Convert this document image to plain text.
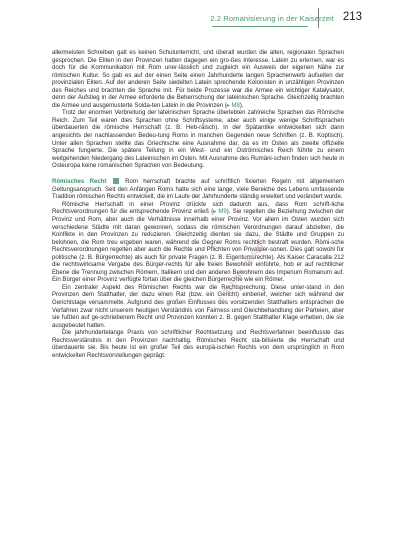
2.2 Romanisierung in der Kaiserzeit 213

allermeisten Schreiben galt es keinen Schulunterricht, und überall wurden die alten, regionalen Sprachen gesprochen. Die Eliten in den Provinzen hatten dagegen ein gro-ßes Interesse, Latein zu erlernen, war es doch für die Kommunikation mit Rom uner-lässlich und zugleich ein Ausweis der eigenen Nähe zur römischen Kultur. So gab es auf der einen Seite einen Jahrhunderte langen Sprachenwerb aufseiten der provinzialen Eliten. Auf der anderen Seite siedelten Latein sprechende Kolonisten in unzähligen Provinzen des Reiches und brachten die Sprache mit. Für beide Prozesse war die Armee ein wichtiger Katalysator, denn der Aufstieg in der Armee erforderte die Beherrschung der lateinischen Sprache. Gleichzeitig brachten die Armee und ausgemusterte Solda-ten Latein in die Provinzen (▸ M8).

Trotz der enormen Verbreitung der lateinischen Sprache überlebten zahlreiche Sprachen das Römische Reich. Zum Teil waren dies Sprachen ohne Schriftsysteme, aber auch einige wenige Schriftsprachen überdauerten die römische Herrschaft (z. B. Heb-räisch). In der Spätantike entwickelten sich dann angesichts der nachlassenden Bedeu-tung Roms in manchen Gegenden neue Schriften (z. B. Koptisch). Unter allen Sprachen stellte das Griechische eine Ausnahme dar, da es im Osten als zweite offizielle Sprache fungierte. Die spätere Teilung in ein West- und ein Oströmisches Reich führte zu einem weitgehenden Niedergang des Lateinischen im Osten. Mit Ausnahme des Rumäni-schen finden sich heute in Osteuropa keine romanischen Sprachen von Bedeutung.

Römisches Recht  Rom herrschaft brachte auf schriftlich fixierten Regeln mit allgemeinem Geltungsanspruch. Seit den Anfängen Roms hatte sich eine lange, viele Bereiche des Lebens umfassende Tradition römischen Rechts entwickelt, die im Laufe der Jahrhunderte ständig erweitert und verändert wurde.

Römische Herrschaft in einer Provinz drückte sich dadurch aus, dass Rom schrift-liche Rechtsverordnungen für die entsprechende Provinz erließ (▸ M9). Sie regelten die Beziehung zwischen der Provinz und Rom, aber auch die Verhältnisse innerhalb einer Provinz. Vor allem im Osten wurden sich verschiedene Städte mit daran gewonnen, sodass die römischen Verordnungen darauf abzielten, die Konflikte in den Provinzen zu reduzieren. Gleichzeitig dienten sie dazu, die Städte und Gruppen zu belohnen, die Rom treu ergeben waren, während die Gegner Roms rechtlich bestraft wurden. Römi-sche Rechtsverordnungen regelten aber auch die Rechte und Pflichten von Privatper-sonen. Dies galt sowohl für politische (z. B. Bürgerrechte) als auch für private Fragen (z. B. Eigentumsrechte). Als Kaiser Caracalla 212 die rechtswirksame Vergabe des Bürger-rechts für alle freien Bewohner einführte, hob er auf rechtlicher Ebene die Trennung zwischen Römern, Italikern und den anderen Bewohnern des Imperium Romanum auf. Ein Bürger einer Provinz verfügte fortan über die gleichen Bürgerrechte wie ein Römer.

Ein zentraler Aspekt des Römischen Rechts war die Rechtsprechung. Diese unter-stand in den Provinzen dem Statthalter, der dazu einen Rat (bzw. ein Gericht) einberief, welcher sich während der Gerichtstage versammelte. Aufgrund des großen Einflusses des vorsitzenden Statthalters entsprachen die Verfahren zwar nicht unserem heutigen Verständnis von Fairness und Gleichbehandlung der Parteien, aber sie fußten auf ge-schriebenem Recht und Provinzen konnten z. B. gegen Statthalter Klage erheben, die sie ausgebeutet hatten.

Die jahrhundertelange Praxis von schriftlicher Rechtsetzung und Rechtsverfahren beeinflusste das Rechtsverständnis in den Provinzen nachhaltig. Römisches Recht sta-bilisierte die Herrschaft und überdauerte sie. Bis heute ist ein großer Teil des europä-ischen Rechts von dem ursprünglich in Rom entwickelten Rechtsvorstellungen geprägt.

© Böhlau Verlag
